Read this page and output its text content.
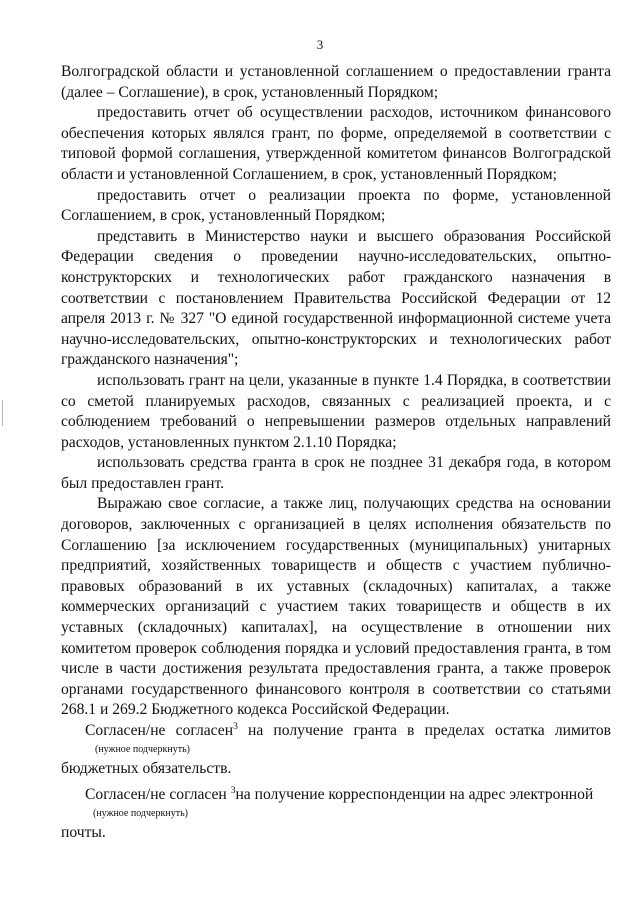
3

Волгоградской области и установленной соглашением о предоставлении гранта (далее – Соглашение), в срок, установленный Порядком;

предоставить отчет об осуществлении расходов, источником финансового обеспечения которых являлся грант, по форме, определяемой в соответствии с типовой формой соглашения, утвержденной комитетом финансов Волгоградской области и установленной Соглашением, в срок, установленный Порядком;

предоставить отчет о реализации проекта по форме, установленной Соглашением, в срок, установленный Порядком;

представить в Министерство науки и высшего образования Российской Федерации сведения о проведении научно-исследовательских, опытно-конструкторских и технологических работ гражданского назначения в соответствии с постановлением Правительства Российской Федерации от 12 апреля 2013 г. № 327 "О единой государственной информационной системе учета научно-исследовательских, опытно-конструкторских и технологических работ гражданского назначения";

использовать грант на цели, указанные в пункте 1.4 Порядка, в соответствии со сметой планируемых расходов, связанных с реализацией проекта, и с соблюдением требований о непревышении размеров отдельных направлений расходов, установленных пунктом 2.1.10 Порядка;

использовать средства гранта в срок не позднее 31 декабря года, в котором был предоставлен грант.

Выражаю свое согласие, а также лиц, получающих средства на основании договоров, заключенных с организацией в целях исполнения обязательств по Соглашению [за исключением государственных (муниципальных) унитарных предприятий, хозяйственных товариществ и обществ с участием публично-правовых образований в их уставных (складочных) капиталах, а также коммерческих организаций с участием таких товариществ и обществ в их уставных (складочных) капиталах], на осуществление в отношении них комитетом проверок соблюдения порядка и условий предоставления гранта, в том числе в части достижения результата предоставления гранта, а также проверок органами государственного финансового контроля в соответствии со статьями 268.1 и 269.2 Бюджетного кодекса Российской Федерации.

Согласен/не согласен$^3$ на получение гранта в пределах остатка лимитов

(нужное подчеркнуть)

бюджетных обязательств.

Согласен/не согласен $^3$на получение корреспонденции на адрес электронной

(нужное подчеркнуть)

почты.
